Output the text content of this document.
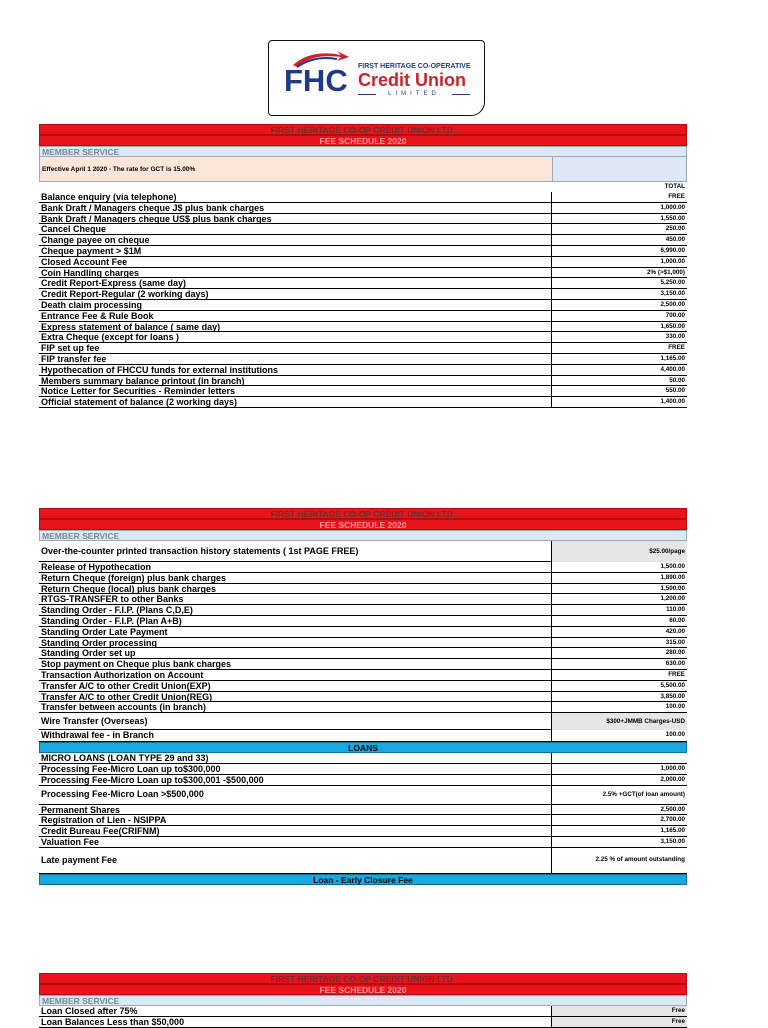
FHC FIRST HERITAGE CO-OPERATIVE
Credit Union
LIMITED
FIRST HERITAGE CO-OP CREDIT UNION LTD.
FEE SCHEDULE 2020
MEMBER SERVICE
Effective April 1 2020 - The rate for GCT is 15.00%
TOTAL
Balance enquiry (via telephone)	FREE
Bank Draft / Managers cheque J$ plus bank charges	1,000.00
Bank Draft / Managers cheque US$ plus bank charges	1,550.00
Cancel Cheque	250.00
Change payee on cheque	450.00
Cheque payment > $1M	6,990.00
Closed Account Fee	1,000.00
Coin Handling charges	2% (>$1,000)
Credit Report-Express (same day)	5,250.00
Credit Report-Regular (2 working days)	3,150.00
Death claim processing	2,500.00
Entrance Fee & Rule Book	700.00
Express statement of balance ( same day)	1,650.00
Extra Cheque (except for loans )	330.00
FIP set up fee	FREE
FIP transfer fee	1,165.00
Hypothecation of FHCCU funds for external institutions	4,400.00
Members summary balance printout (in branch)	50.00
Notice Letter for Securities - Reminder letters	550.00
Official statement of balance (2 working days)	1,400.00
FIRST HERITAGE CO-OP CREDIT UNION LTD.
FEE SCHEDULE 2020
MEMBER SERVICE
Over-the-counter printed transaction history statements ( 1st PAGE FREE)	$25.00/page
Release of Hypothecation	1,500.00
Return Cheque (foreign) plus bank charges	1,890.00
Return Cheque (local) plus bank charges	1,500.00
RTGS-TRANSFER to other Banks	1,200.00
Standing Order - F.I.P. (Plans C,D,E)	110.00
Standing Order - F.I.P. (Plan A+B)	60.00
Standing Order Late Payment	420.00
Standing Order processing	315.00
Standing Order set up	280.00
Stop payment on Cheque plus bank charges	630.00
Transaction Authorization on Account	FREE
Transfer A/C to other Credit Union(EXP)	5,500.00
Transfer A/C to other Credit Union(REG)	3,850.00
Transfer between accounts (in branch)	100.00
Wire Transfer (Overseas)	$300+JMMB Charges-USD
Withdrawal fee - in Branch	100.00
LOANS
MICRO LOANS (LOAN TYPE 29 and 33)
Processing Fee-Micro Loan up to$300,000	1,000.00
Processing Fee-Micro Loan up to$300,001 -$500,000	2,000.00
Processing Fee-Micro Loan >$500,000	2.5% +GCT(of loan amount)
Permanent Shares	2,500.00
Registration of Lien - NSIPPA	2,700.00
Credit Bureau Fee(CRIFNM)	1,165.00
Valuation Fee	3,150.00
Late payment Fee	2.25 % of amount outstanding
Loan - Early Closure Fee
FIRST HERITAGE CO-OP CREDIT UNION LTD.
FEE SCHEDULE 2020
MEMBER SERVICE
Loan Closed after 75%	Free
Loan Balances Less than $50,000	Free
